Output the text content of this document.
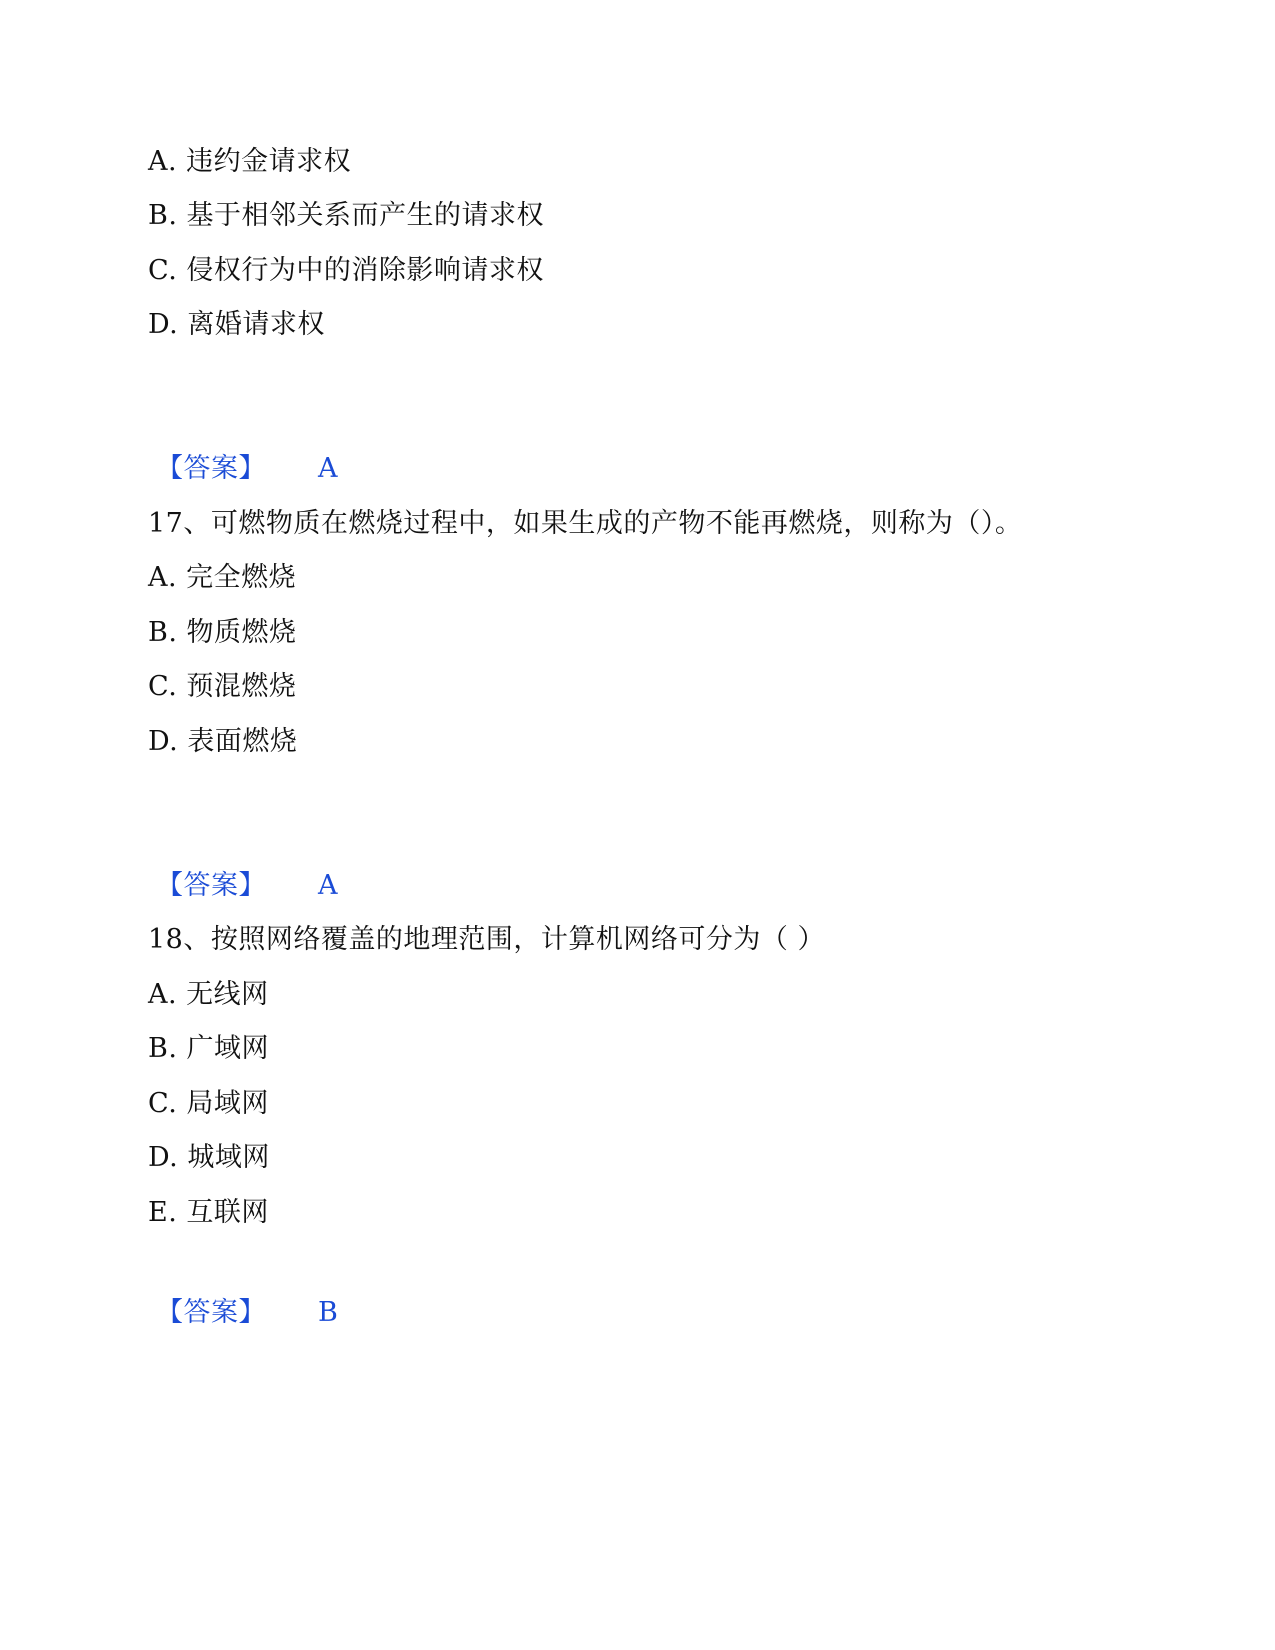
A. 违约金请求权
B. 基于相邻关系而产生的请求权
C. 侵权行为中的消除影响请求权
D. 离婚请求权
【答案】 A
17、可燃物质在燃烧过程中，如果生成的产物不能再燃烧，则称为（）。
A. 完全燃烧
B. 物质燃烧
C. 预混燃烧
D. 表面燃烧
【答案】 A
18、按照网络覆盖的地理范围，计算机网络可分为（ ）
A. 无线网
B. 广域网
C. 局域网
D. 城域网
E. 互联网
【答案】 B
